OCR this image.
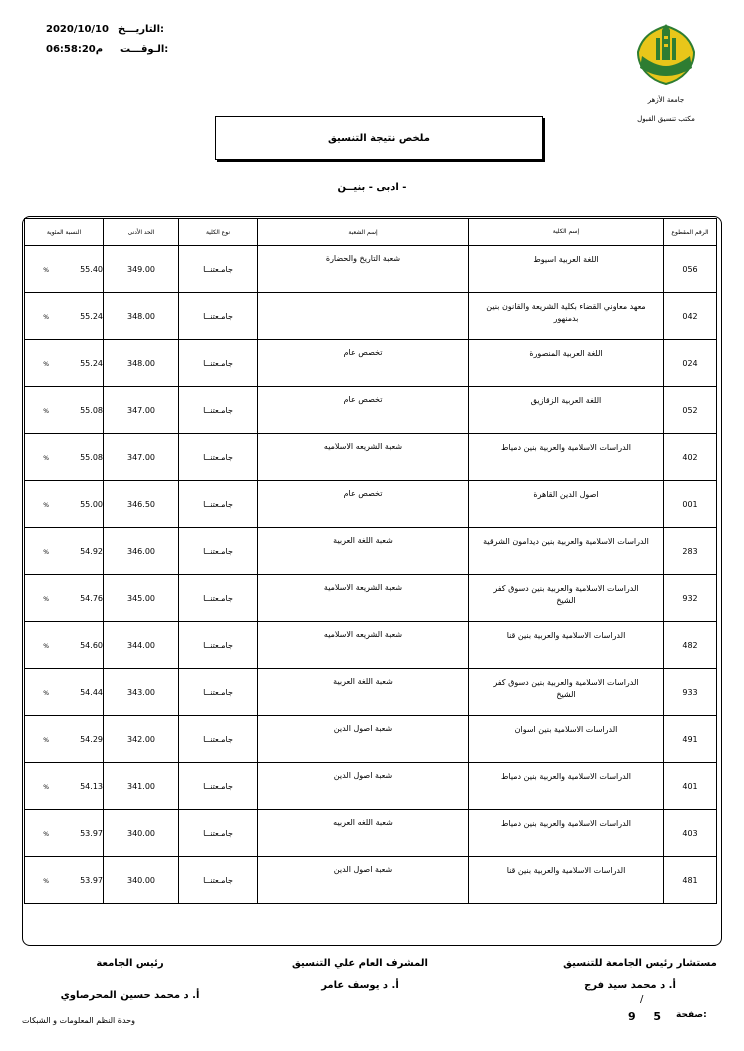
2020/10/10 التاريـــخ:
06:58:20م الـوقـــت:
جامعة الأزهر
مكتب تنسيق القبول
ملخص نتيجة التنسيق
- ادبى - بنيــن
الرقم المقطوع	إسم الكلية	إسم الشعبة	نوع الكلية	الحد الأدنى	النسبة المئوية
056	اللغة العربية اسيوط	شعبة التاريخ والحضارة	جامـعتنــا	349.00	55.40%
042	معهد معاوني القضاء بكلية الشريعة والقانون بنين بدمنهور		جامـعتنــا	348.00	55.24%
024	اللغة العربية المنصورة	تخصص عام	جامـعتنــا	348.00	55.24%
052	اللغة العربية الزقازيق	تخصص عام	جامـعتنــا	347.00	55.08%
402	الدراسات الاسلامية والعربية بنين دمياط	شعبة الشريعه الاسلاميه	جامـعتنــا	347.00	55.08%
001	اصول الدين القاهرة	تخصص عام	جامـعتنــا	346.50	55.00%
283	الدراسات الاسلامية والعربية بنين ديدامون الشرقية	شعبة اللغة العربية	جامـعتنــا	346.00	54.92%
932	الدراسات الاسلامية والعربية بنين دسوق كفر الشيخ	شعبة الشريعة الاسلامية	جامـعتنــا	345.00	54.76%
482	الدراسات الاسلامية والعربية بنين قنا	شعبة الشريعه الاسلاميه	جامـعتنــا	344.00	54.60%
933	الدراسات الاسلامية والعربية بنين دسوق كفر الشيخ	شعبة اللغة العربية	جامـعتنــا	343.00	54.44%
491	الدراسات الاسلامية بنين اسوان	شعبة اصول الدين	جامـعتنــا	342.00	54.29%
401	الدراسات الاسلامية والعربية بنين دمياط	شعبة اصول الدين	جامـعتنــا	341.00	54.13%
403	الدراسات الاسلامية والعربية بنين دمياط	شعبة اللغه العربيه	جامـعتنــا	340.00	53.97%
481	الدراسات الاسلامية والعربية بنين قنا	شعبة اصول الدين	جامـعتنــا	340.00	53.97%
مستشار رئيس الجامعة للتنسيق
أ. د محمد سيد فرج
المشرف العام علي التنسيق
أ. د يوسف عامر
رئيس الجامعة
أ. د محمد حسين المحرصاوي	/
9 5 صفحة:
وحدة النظم المعلومات و الشبكات
